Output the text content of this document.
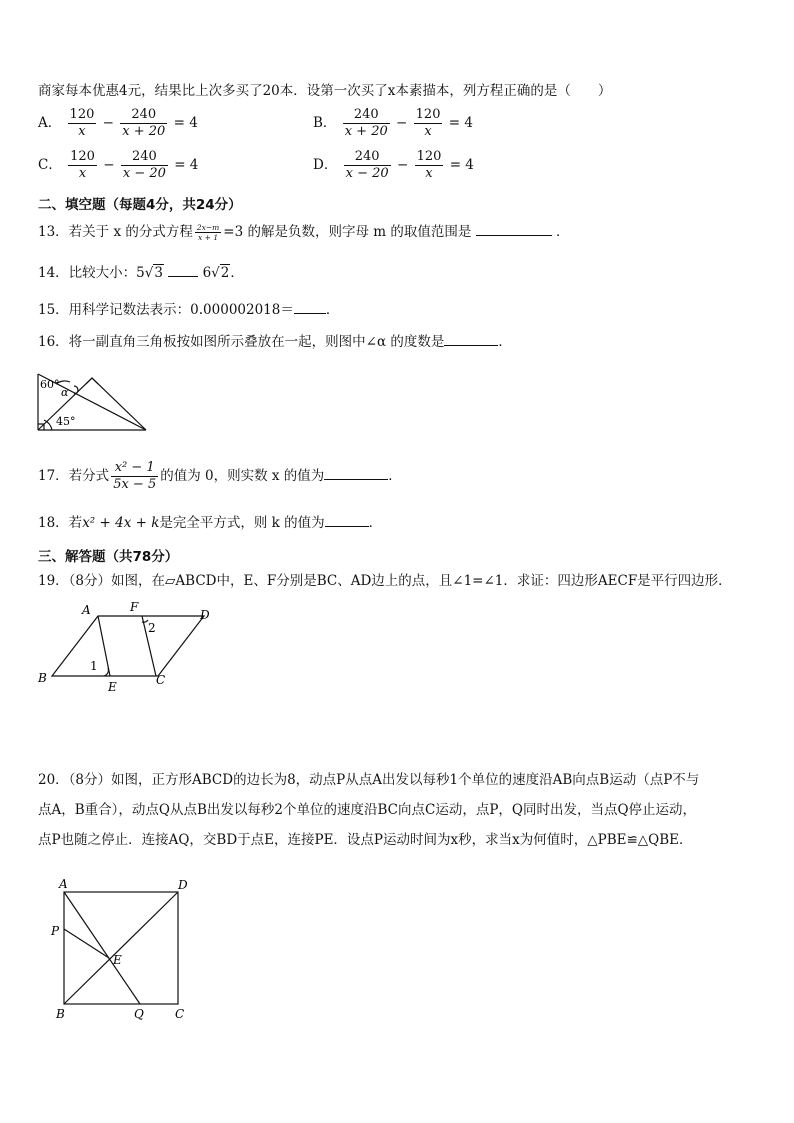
商家每本优惠4元，结果比上次多买了20本．设第一次买了x本素描本，列方程正确的是（　　）
A． $\frac{120}{x} - \frac{240}{x + 20} = 4$	B． $\frac{240}{x + 20} - \frac{120}{x} = 4$
C． $\frac{120}{x} - \frac{240}{x - 20} = 4$	D． $\frac{240}{x - 20} - \frac{120}{x} = 4$
二、填空题（每题4分，共24分）
13．若关于 x 的分式方程 $\frac{2x-m}{x + 1} =3$ 的解是负数，则字母 m 的取值范围是	．
14．比较大小：5√3	6√2．
15．用科学记数法表示：0.000002018＝ ．
16．将一副直角三角板按如图所示叠放在一起，则图中∠α 的度数是	．
60°
α
45°
17．若分式 $\frac{\text{x² − 1}}{5x - 5}$ 的值为 0，则实数 x 的值为	．
18．若x² + 4x + k是完全平方式，则 k 的值为	．
三、解答题（共78分）
19．（8分）如图，在▱ABCD中，E、F分别是BC、AD边上的点，且∠1=∠1．求证：四边形AECF是平行四边形．
A	F
D
B
E	C
1
2
20．（8分）如图，正方形ABCD的边长为8，动点P从点A出发以每秒1个单位的速度沿AB向点B运动（点P不与
点A，B重合），动点Q从点B出发以每秒2个单位的速度沿BC向点C运动，点P，Q同时出发，当点Q停止运动，
点P也随之停止．连接AQ，交BD于点E，连接PE．设点P运动时间为x秒，求当x为何值时，△PBE≌△QBE．
A	D
P
E
B	Q	C
